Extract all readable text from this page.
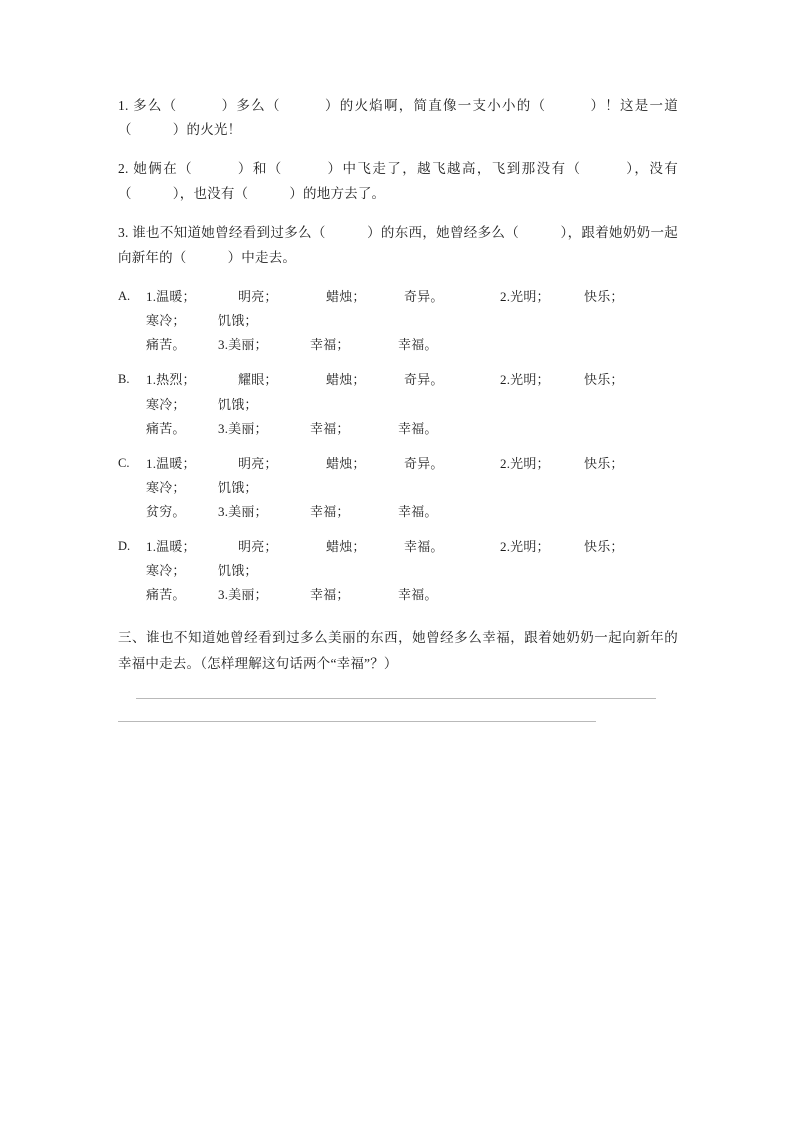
1. 多么（　　　）多么（　　　）的火焰啊，简直像一支小小的（　　　）！这是一道（　　　）的火光！

2. 她俩在（　　　）和（　　　）中飞走了，越飞越高，飞到那没有（　　　），没有（　　　），也没有（　　　）的地方去了。

3. 谁也不知道她曾经看到过多么（　　　）的东西，她曾经多么（　　　），跟着她奶奶一起向新年的（　　　）中走去。

A.	1.温暖；	明亮；	蜡烛；	奇异。	2.光明；	快乐；寒冷； 饥饿；
痛苦。 3.美丽；	幸福；	幸福。
B.	1.热烈；	耀眼；	蜡烛；	奇异。	2.光明；	快乐；寒冷； 饥饿；
痛苦。 3.美丽；	幸福；	幸福。
C.	1.温暖；	明亮；	蜡烛；	奇异。	2.光明；	快乐；寒冷； 饥饿；
贫穷。 3.美丽；	幸福；	幸福。
D.	1.温暖；	明亮；	蜡烛；	幸福。	2.光明；	快乐；寒冷； 饥饿；
痛苦。 3.美丽；	幸福；	幸福。

三、谁也不知道她曾经看到过多么美丽的东西，她曾经多么幸福，跟着她奶奶一起向新年的幸福中走去。（怎样理解这句话两个“幸福”？）
